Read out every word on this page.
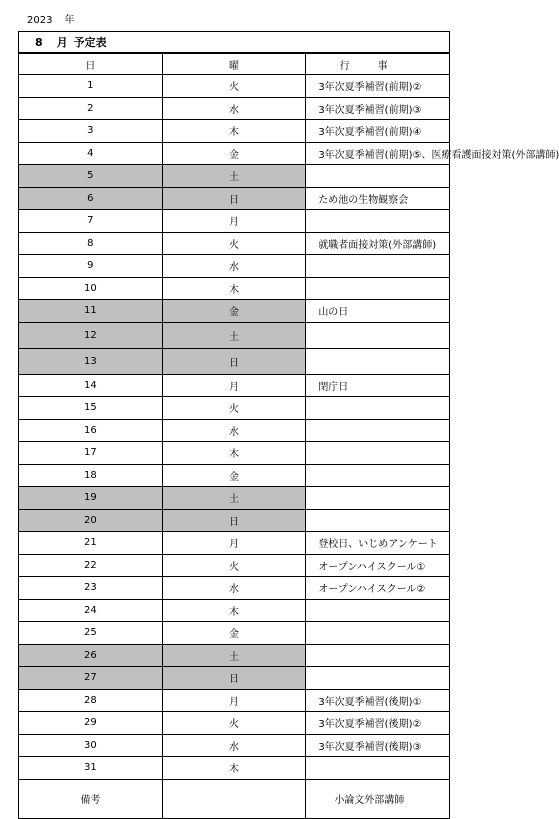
2023 年
8 月 予定表		
日	曜	行事
1	火	3年次夏季補習(前期)②
2	水	3年次夏季補習(前期)③
3	木	3年次夏季補習(前期)④
4	金	3年次夏季補習(前期)⑤、医療看護面接対策(外部講師)
5	土	
6	日	ため池の生物観察会
7	月	
8	火	就職者面接対策(外部講師)
9	水	
10	木	
11	金	山の日
12	土	
13	日	
14	月	閉庁日
15	火	
16	水	
17	木	
18	金	
19	土	
20	日	
21	月	登校日、いじめアンケート
22	火	オープンハイスクール①
23	水	オープンハイスクール②
24	木	
25	金	
26	土	
27	日	
28	月	3年次夏季補習(後期)①
29	火	3年次夏季補習(後期)②
30	水	3年次夏季補習(後期)③
31	木	
備考		小論文外部講師
